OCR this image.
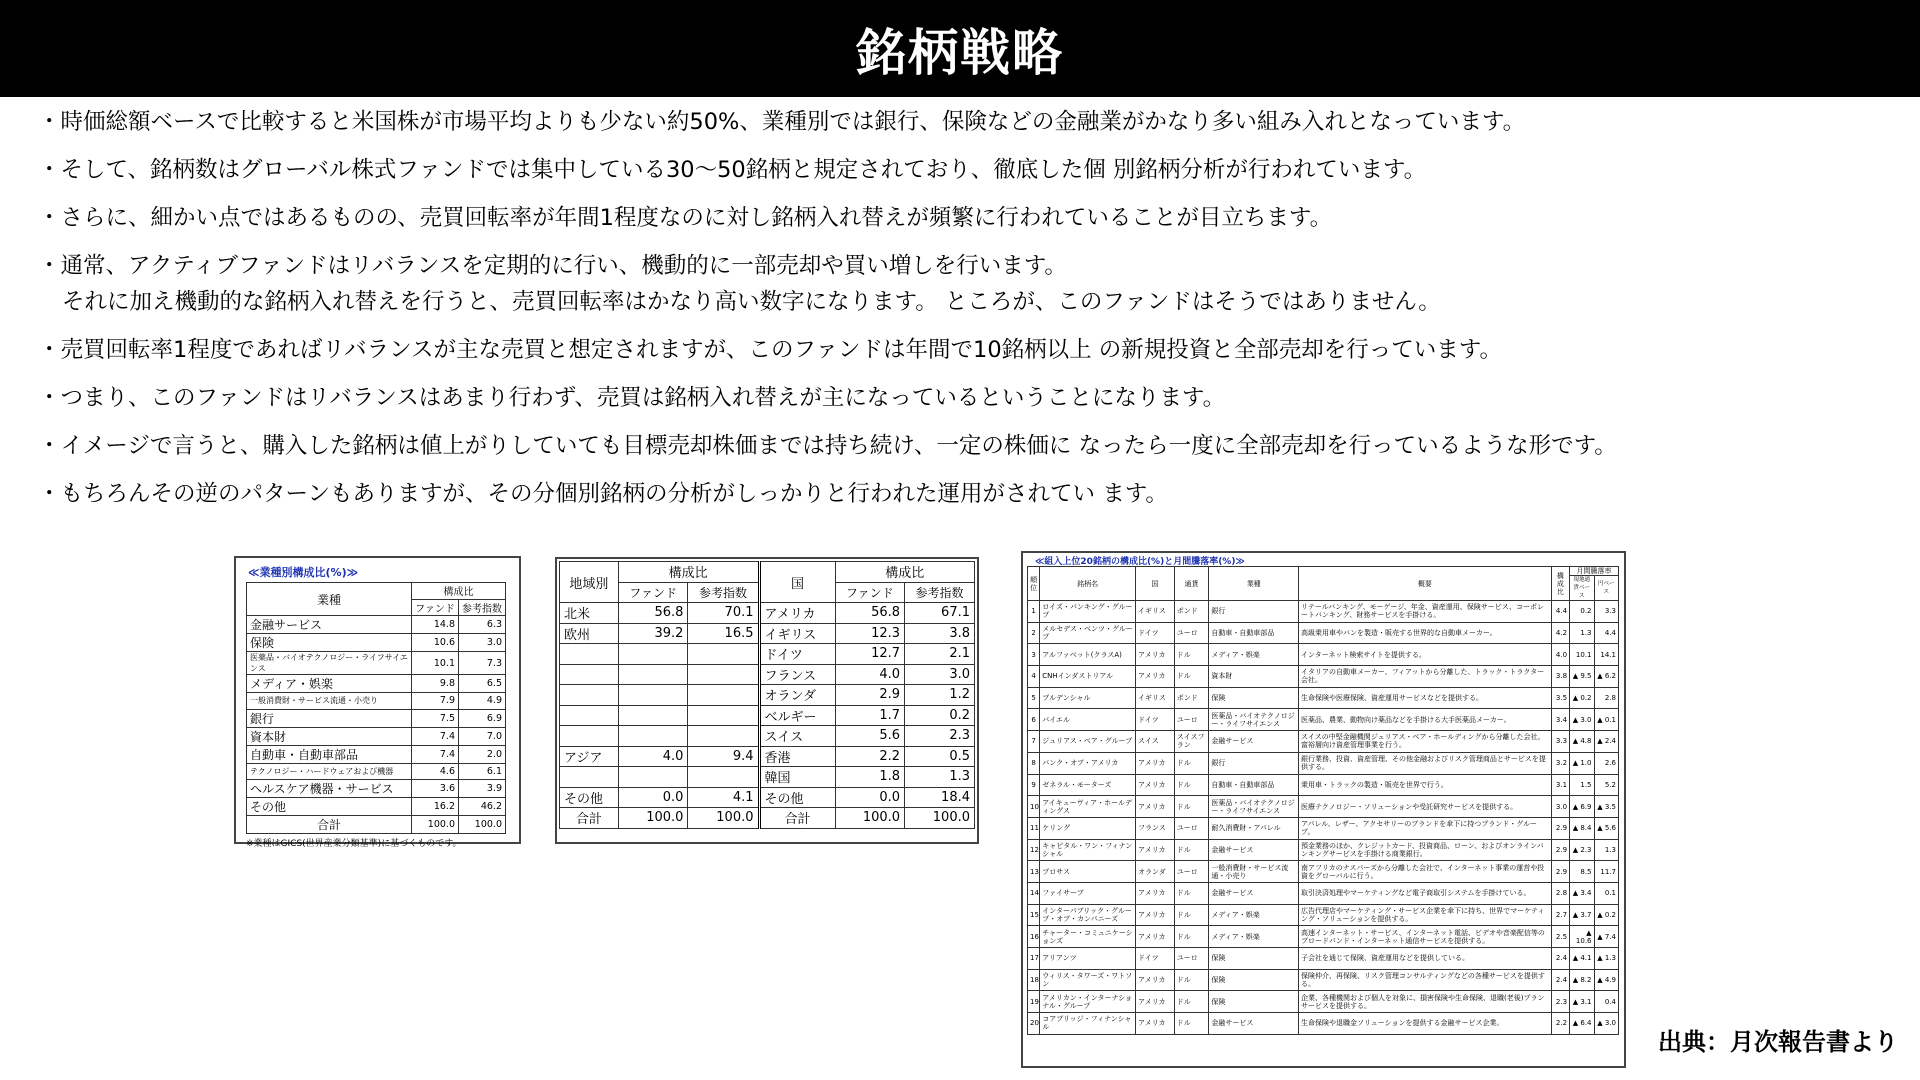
銘柄戦略
・時価総額ベースで比較すると米国株が市場平均よりも少ない約50%、業種別では銀行、保険などの金融業がかなり多い組み入れとなっています。
・そして、銘柄数はグローバル株式ファンドでは集中している30〜50銘柄と規定されており、徹底した個 別銘柄分析が行われています。
・さらに、細かい点ではあるものの、売買回転率が年間1程度なのに対し銘柄入れ替えが頻繁に行われていることが目立ちます。
・通常、アクティブファンドはリバランスを定期的に行い、機動的に一部売却や買い増しを行います。
それに加え機動的な銘柄入れ替えを行うと、売買回転率はかなり高い数字になります。 ところが、このファンドはそうではありません。
・売買回転率1程度であればリバランスが主な売買と想定されますが、このファンドは年間で10銘柄以上 の新規投資と全部売却を行っています。
・つまり、このファンドはリバランスはあまり行わず、売買は銘柄入れ替えが主になっているということになります。
・イメージで言うと、購入した銘柄は値上がりしていても目標売却株価までは持ち続け、一定の株価に なったら一度に全部売却を行っているような形です。
・もちろんその逆のパターンもありますが、その分個別銘柄の分析がしっかりと行われた運用がされてい ます。
≪業種別構成比(%)≫
業種	構成比	
	ファンド	参考指数
金融サービス	14.8	6.3
保険	10.6	3.0
医薬品・バイオテクノロジー・ライフサイエンス	10.1	7.3
メディア・娯楽	9.8	6.5
一般消費財・サービス流通・小売り	7.9	4.9
銀行	7.5	6.9
資本財	7.4	7.0
自動車・自動車部品	7.4	2.0
テクノロジー・ハードウェアおよび機器	4.6	6.1
ヘルスケア機器・サービス	3.6	3.9
その他	16.2	46.2
合計	100.0	100.0
※業種はGICS(世界産業分類基準)に基づくものです。
地域別	構成比		国	構成比	
	ファンド	参考指数		ファンド	参考指数
北米	56.8	70.1	アメリカ	56.8	67.1
欧州	39.2	16.5	イギリス	12.3	3.8
			ドイツ	12.7	2.1
			フランス	4.0	3.0
			オランダ	2.9	1.2
			ベルギー	1.7	0.2
			スイス	5.6	2.3
アジア	4.0	9.4	香港	2.2	0.5
			韓国	1.8	1.3
その他	0.0	4.1	その他	0.0	18.4
合計	100.0	100.0	合計	100.0	100.0
≪組入上位20銘柄の構成比(%)と月間騰落率(%)≫
順位	銘柄名	国	通貨	業種	概要	構成比	月間騰落率	
							現地通貨ベース	円ベース
1	ロイズ・バンキング・グループ	イギリス	ポンド	銀行	リテールバンキング、モーゲージ、年金、資産運用、保険サービス、コーポレートバンキング、財務サービスを手掛ける。	4.4	0.2	3.3
2	メルセデス・ベンツ・グループ	ドイツ	ユーロ	自動車・自動車部品	高級乗用車やバンを製造・販売する世界的な自動車メーカー。	4.2	1.3	4.4
3	アルファベット(クラスA)	アメリカ	ドル	メディア・娯楽	インターネット検索サイトを提供する。	4.0	10.1	14.1
4	CNHインダストリアル	アメリカ	ドル	資本財	イタリアの自動車メーカー、フィアットから分離した、トラック・トラクター会社。	3.8	▲ 9.5	▲ 6.2
5	ブルデンシャル	イギリス	ポンド	保険	生命保険や医療保険、資産運用サービスなどを提供する。	3.5	▲ 0.2	2.8
6	バイエル	ドイツ	ユーロ	医薬品・バイオテクノロジー・ライフサイエンス	医薬品、農業、動物向け薬品などを手掛ける大手医薬品メーカー。	3.4	▲ 3.0	▲ 0.1
7	ジュリアス・ベア・グループ	スイス	スイスフラン	金融サービス	スイスの中堅金融機関ジュリアス・ベア・ホールディングから分離した会社。富裕層向け資産管理事業を行う。	3.3	▲ 4.8	▲ 2.4
8	バンク・オブ・アメリカ	アメリカ	ドル	銀行	銀行業務、投資、資産管理、その他金融およびリスク管理商品とサービスを提供する。	3.2	▲ 1.0	2.6
9	ゼネラル・モーターズ	アメリカ	ドル	自動車・自動車部品	乗用車・トラックの製造・販売を世界で行う。	3.1	1.5	5.2
10	アイキューヴィア・ホールディングス	アメリカ	ドル	医薬品・バイオテクノロジー・ライフサイエンス	医療テクノロジー・ソリューションや受託研究サービスを提供する。	3.0	▲ 6.9	▲ 3.5
11	ケリング	フランス	ユーロ	耐久消費財・アパレル	アパレル、レザー、アクセサリーのブランドを傘下に持つブランド・グループ。	2.9	▲ 8.4	▲ 5.6
12	キャピタル・ワン・フィナンシャル	アメリカ	ドル	金融サービス	預金業務のほか、クレジットカード、投資商品、ローン、およびオンラインバンキングサービスを手掛ける商業銀行。	2.9	▲ 2.3	1.3
13	プロサス	オランダ	ユーロ	一般消費財・サービス流通・小売り	南アフリカのナスパーズから分離した会社で、インターネット事業の運営や投資をグローバルに行う。	2.9	8.5	11.7
14	ファイサーブ	アメリカ	ドル	金融サービス	取引決済処理やマーケティングなど電子商取引システムを手掛けている。	2.8	▲ 3.4	0.1
15	インターパブリック・グループ・オブ・カンパニーズ	アメリカ	ドル	メディア・娯楽	広告代理店やマーケティング・サービス企業を傘下に持ち、世界でマーケティング・ソリューションを提供する。	2.7	▲ 3.7	▲ 0.2
16	チャーター・コミュニケーションズ	アメリカ	ドル	メディア・娯楽	高速インターネット・サービス、インターネット電話、ビデオや音楽配信等のブロードバンド・インターネット通信サービスを提供する。	2.5	▲ 10.6	▲ 7.4
17	アリアンツ	ドイツ	ユーロ	保険	子会社を通じて保険、資産運用などを提供している。	2.4	▲ 4.1	▲ 1.3
18	ウィリス・タワーズ・ワトソン	アメリカ	ドル	保険	保険仲介、再保険、リスク管理コンサルティングなどの各種サービスを提供する。	2.4	▲ 8.2	▲ 4.9
19	アメリカン・インターナショナル・グループ	アメリカ	ドル	保険	企業、各種機関および個人を対象に、損害保険や生命保険、退職(老後)プランサービスを提供する。	2.3	▲ 3.1	0.4
20	コアブリッジ・フィナンシャル	アメリカ	ドル	金融サービス	生命保険や退職金ソリューションを提供する金融サービス企業。	2.2	▲ 6.4	▲ 3.0
出典：月次報告書より
